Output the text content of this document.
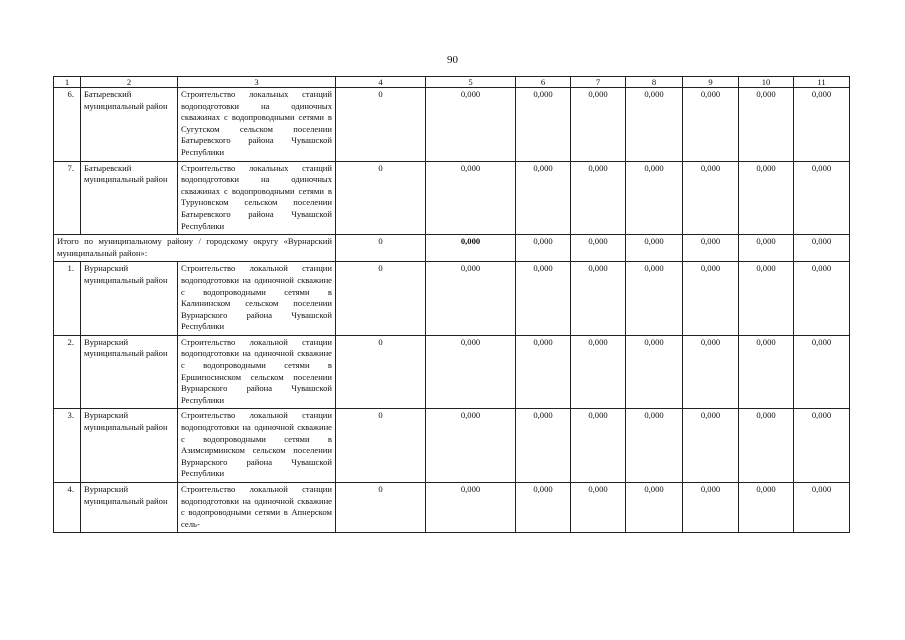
90
1	2	3	4	5	6	7	8	9	10	11
6.	Батыревский муниципальный район	Строительство локальных станций водоподготовки на одиночных скважинах с водопроводными сетями в Сугутском сельском поселении Батыревского района Чувашской Республики	0	0,000	0,000	0,000	0,000	0,000	0,000	0,000
7.	Батыревский муниципальный район	Строительство локальных станций водоподготовки на одиночных скважинах с водопроводными сетями в Туруновском сельском поселении Батыревского района Чувашской Республики	0	0,000	0,000	0,000	0,000	0,000	0,000	0,000
Итого по муниципальному району / городскому округу «Вурнарский муниципальный район»:			0	0,000	0,000	0,000	0,000	0,000	0,000	0,000
1.	Вурнарский муниципальный район	Строительство локальной станции водоподготовки на одиночной скважине с водопроводными сетями в Калининском сельском поселении Вурнарского района Чувашской Республики	0	0,000	0,000	0,000	0,000	0,000	0,000	0,000
2.	Вурнарский муниципальный район	Строительство локальной станции водоподготовки на одиночной скважине с водопроводными сетями в Ершипосинском сельском поселении Вурнарского района Чувашской Республики	0	0,000	0,000	0,000	0,000	0,000	0,000	0,000
3.	Вурнарский муниципальный район	Строительство локальной станции водоподготовки на одиночной скважине с водопроводными сетями в Азимсирминском сельском поселении Вурнарского района Чувашской Республики	0	0,000	0,000	0,000	0,000	0,000	0,000	0,000
4.	Вурнарский муниципальный район	Строительство локальной станции водоподготовки на одиночной скважине с водопроводными сетями в Апнерском сель-	0	0,000	0,000	0,000	0,000	0,000	0,000	0,000
